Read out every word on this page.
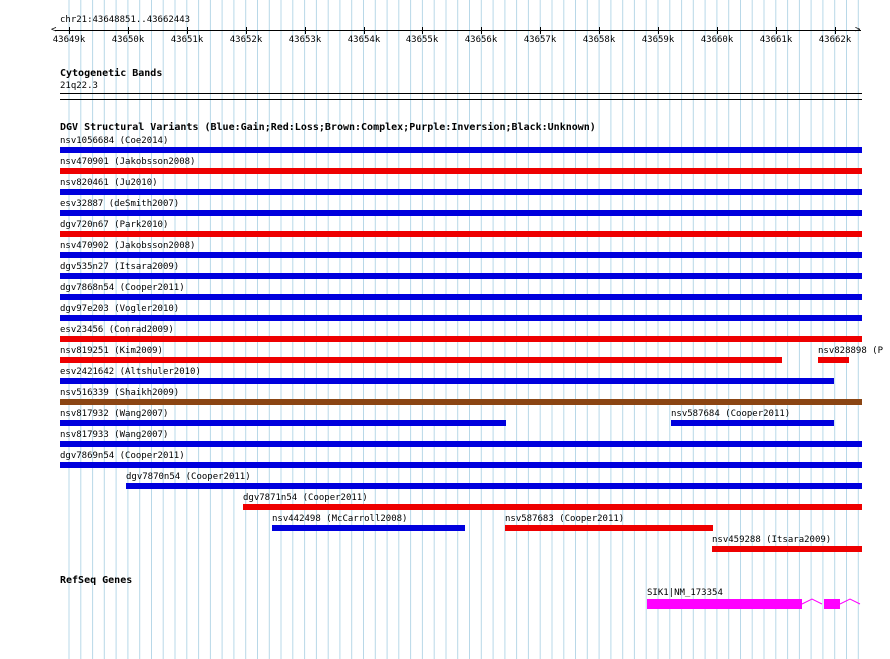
chr21:43648851..43662443
<	>
43649k	43650k	43651k	43652k	43653k	43654k	43655k	43656k	43657k	43658k	43659k	43660k	43661k	43662k
Cytogenetic Bands
21q22.3
DGV Structural Variants (Blue:Gain;Red:Loss;Brown:Complex;Purple:Inversion;Black:Unknown)
nsv1056684 (Coe2014)
nsv470901 (Jakobsson2008)
nsv820461 (Ju2010)
esv32887 (deSmith2007)
dgv720n67 (Park2010)
nsv470902 (Jakobsson2008)
dgv535n27 (Itsara2009)
dgv7868n54 (Cooper2011)
dgv97e203 (Vogler2010)
esv23456 (Conrad2009)
nsv819251 (Kim2009)	nsv828898 (P
esv2421642 (Altshuler2010)
nsv516339 (Shaikh2009)
nsv817932 (Wang2007)	nsv587684 (Cooper2011)
nsv817933 (Wang2007)
dgv7869n54 (Cooper2011)
dgv7870n54 (Cooper2011)
dgv7871n54 (Cooper2011)
nsv442498 (McCarroll2008)	nsv587683 (Cooper2011)
nsv459288 (Itsara2009)
RefSeq Genes
SIK1|NM_173354
